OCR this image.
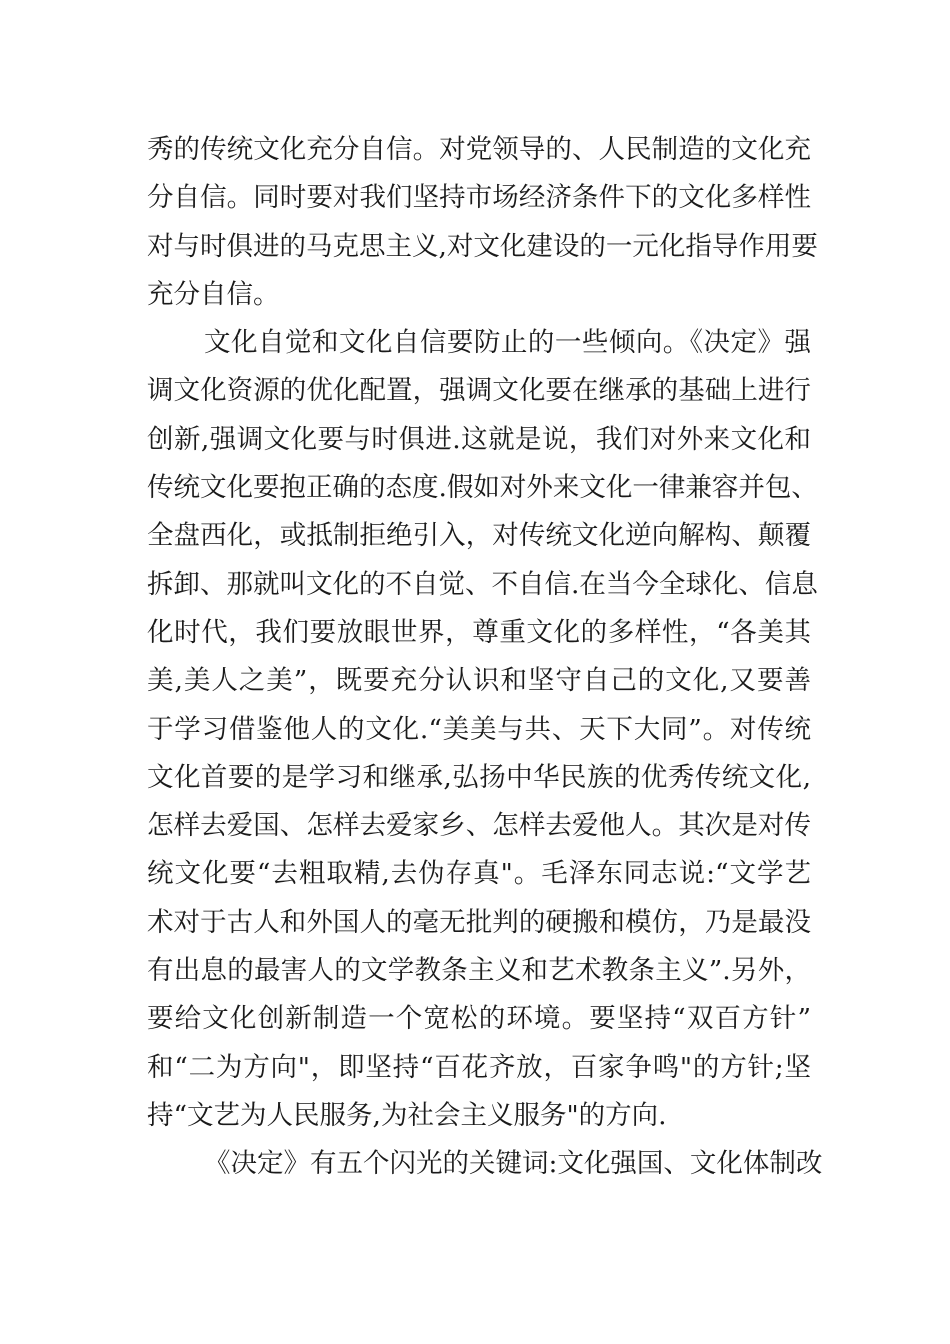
秀的传统文化充分自信。对党领导的、人民制造的文化充
分自信。同时要对我们坚持市场经济条件下的文化多样性
对与时俱进的马克思主义,对文化建设的一元化指导作用要
充分自信。
文化自觉和文化自信要防止的一些倾向。《决定》强
调文化资源的优化配置，强调文化要在继承的基础上进行
创新,强调文化要与时俱进.这就是说，我们对外来文化和
传统文化要抱正确的态度.假如对外来文化一律兼容并包、
全盘西化，或抵制拒绝引入，对传统文化逆向解构、颠覆
拆卸、那就叫文化的不自觉、不自信.在当今全球化、信息
化时代，我们要放眼世界，尊重文化的多样性，“各美其
美,美人之美”，既要充分认识和坚守自己的文化,又要善
于学习借鉴他人的文化.“美美与共、天下大同”。对传统
文化首要的是学习和继承,弘扬中华民族的优秀传统文化,
怎样去爱国、怎样去爱家乡、怎样去爱他人。其次是对传
统文化要“去粗取精,去伪存真"。毛泽东同志说:“文学艺
术对于古人和外国人的毫无批判的硬搬和模仿，乃是最没
有出息的最害人的文学教条主义和艺术教条主义”.另外，
要给文化创新制造一个宽松的环境。要坚持“双百方针”
和“二为方向"，即坚持“百花齐放，百家争鸣"的方针;坚
持“文艺为人民服务,为社会主义服务"的方向.
《决定》有五个闪光的关键词:文化强国、文化体制改
